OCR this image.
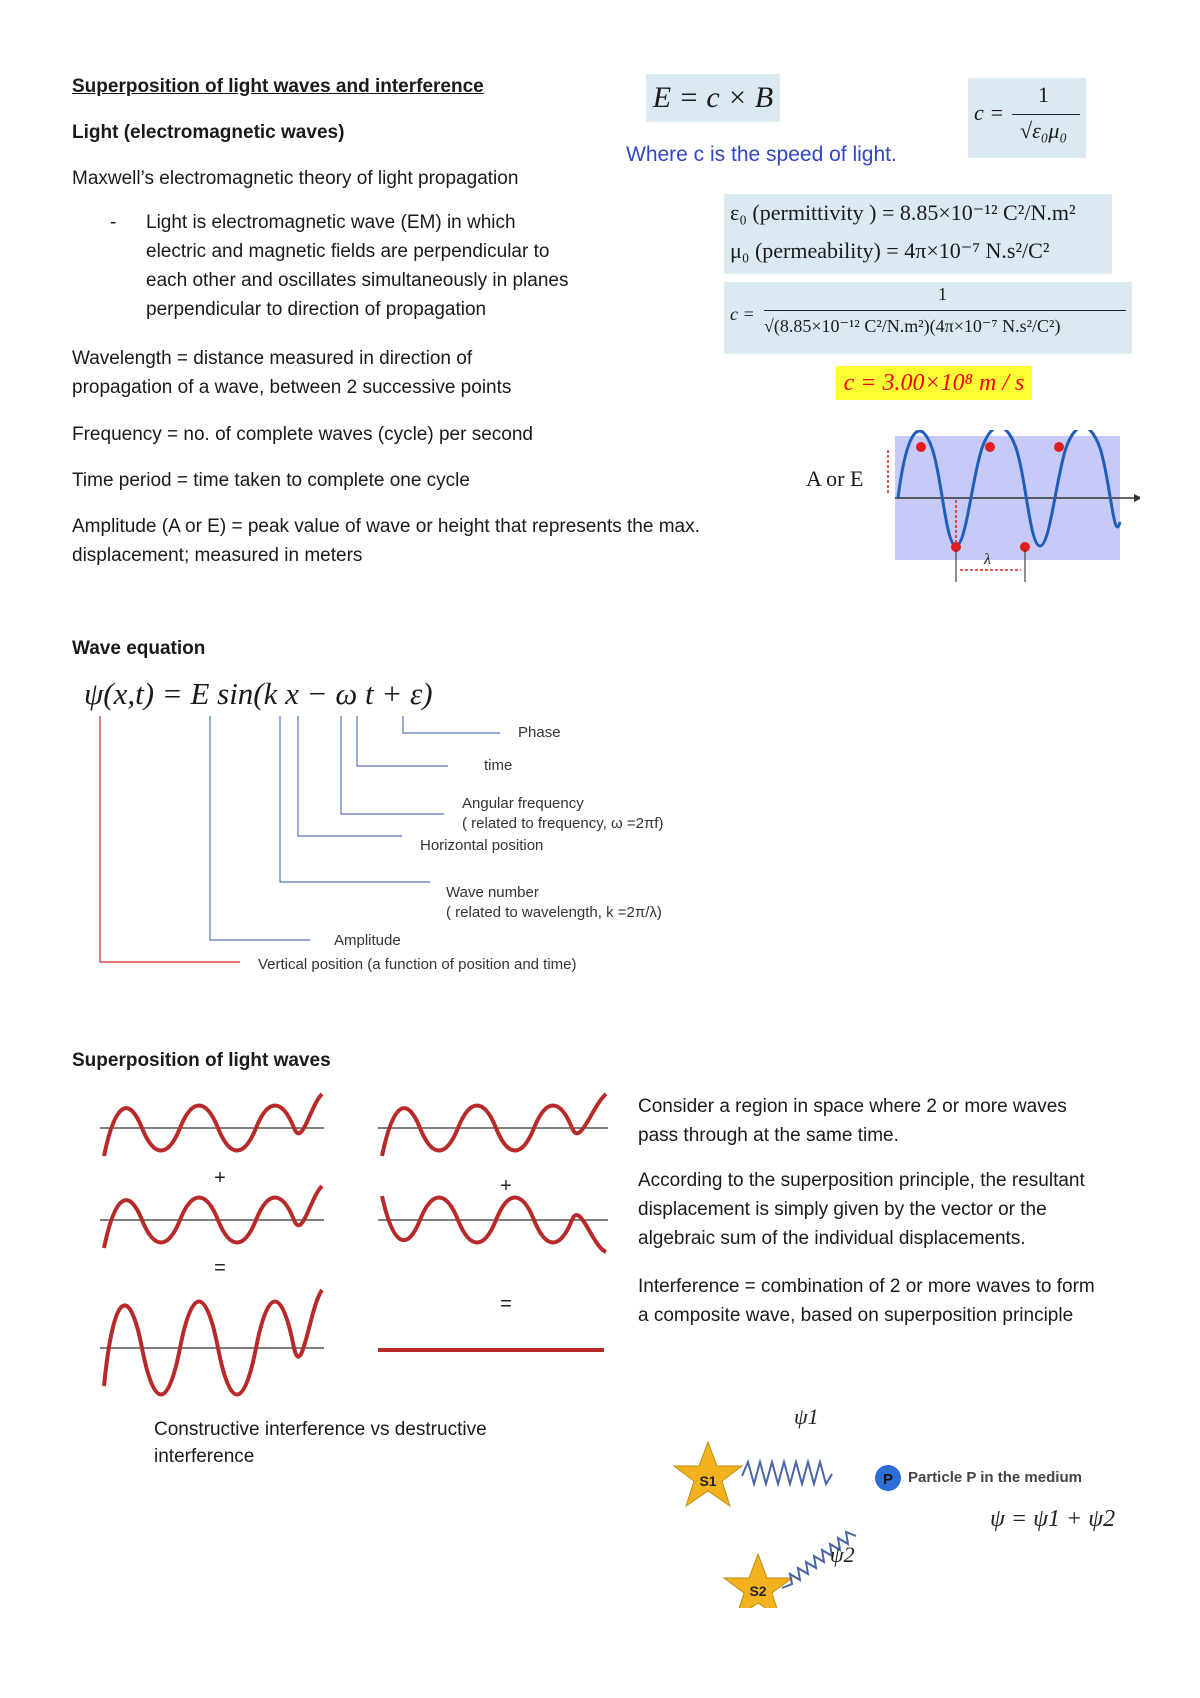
Superposition of light waves and interference
Light (electromagnetic waves)
Maxwell’s electromagnetic theory of light propagation
- Light is electromagnetic wave (EM) in which
electric and magnetic fields are perpendicular to
each other and oscillates simultaneously in planes
perpendicular to direction of propagation
Wavelength = distance measured in direction of
propagation of a wave, between 2 successive points
Frequency = no. of complete waves (cycle) per second
Time period = time taken to complete one cycle
Amplitude (A or E) = peak value of wave or height that represents the max.
displacement; measured in meters
E = c × B
Where c is the speed of light.
c =
1
√ε₀μ₀
ε₀ (permittivity ) = 8.85×10⁻¹² C²/N.m²
μ₀ (permeability) = 4π×10⁻⁷ N.s²/C²
c =
1
√(8.85×10⁻¹² C²/N.m²)(4π×10⁻⁷ N.s²/C²)
c = 3.00×10⁸ m / s
A or E
λ
Wave equation
ψ(x,t) = E sin(k x − ω t + ε)
Phase
time
Angular frequency
( related to frequency, ω =2πf)
Horizontal position
Wave number
( related to wavelength, k =2π/λ)
Amplitude
Vertical position (a function of position and time)
Superposition of light waves
+
=
+
=
Constructive interference vs destructive
interference
Consider a region in space where 2 or more waves
pass through at the same time.
According to the superposition principle, the resultant
displacement is simply given by the vector or the
algebraic sum of the individual displacements.
Interference = combination of 2 or more waves to form
a composite wave, based on superposition principle
S1
S2
P
ψ1
ψ2
Particle P in the medium
ψ = ψ1 + ψ2
